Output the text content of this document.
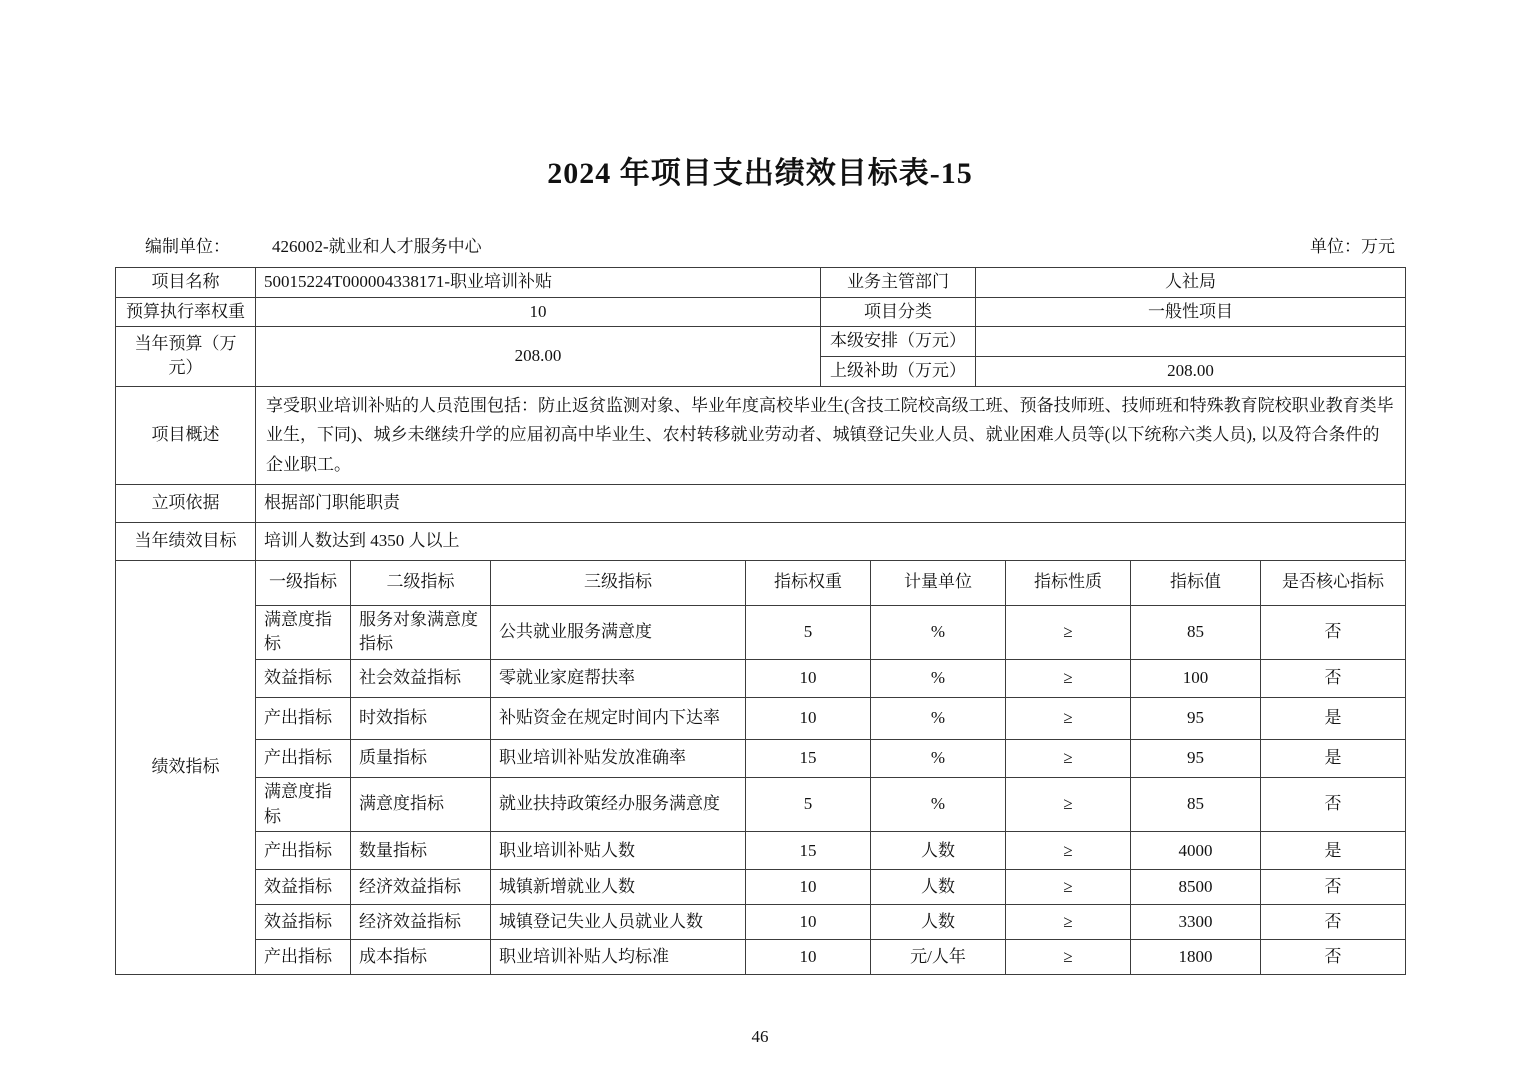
2024 年项目支出绩效目标表-15
编制单位： 426002-就业和人才服务中心	单位：万元
项目名称	50015224T000004338171-职业培训补贴	业务主管部门	人社局
预算执行率权重	10	项目分类	一般性项目
当年预算（万元）	208.00	本级安排（万元）	
		上级补助（万元）	208.00
项目概述	享受职业培训补贴的人员范围包括：防止返贫监测对象、毕业年度高校毕业生(含技工院校高级工班、预备技师班、技师班和特殊教育院校职业教育类毕业生，下同)、城乡未继续升学的应届初高中毕业生、农村转移就业劳动者、城镇登记失业人员、就业困难人员等(以下统称六类人员), 以及符合条件的企业职工。		
立项依据	根据部门职能职责		
当年绩效目标	培训人数达到 4350 人以上		
绩效指标	一级指标	二级指标	三级指标	指标权重	计量单位	指标性质	指标值	是否核心指标
	满意度指标	服务对象满意度指标	公共就业服务满意度	5	%	≥	85	否
	效益指标	社会效益指标	零就业家庭帮扶率	10	%	≥	100	否
	产出指标	时效指标	补贴资金在规定时间内下达率	10	%	≥	95	是
	产出指标	质量指标	职业培训补贴发放准确率	15	%	≥	95	是
	满意度指标	满意度指标	就业扶持政策经办服务满意度	5	%	≥	85	否
	产出指标	数量指标	职业培训补贴人数	15	人数	≥	4000	是
	效益指标	经济效益指标	城镇新增就业人数	10	人数	≥	8500	否
	效益指标	经济效益指标	城镇登记失业人员就业人数	10	人数	≥	3300	否
	产出指标	成本指标	职业培训补贴人均标准	10	元/人年	≥	1800	否
46
